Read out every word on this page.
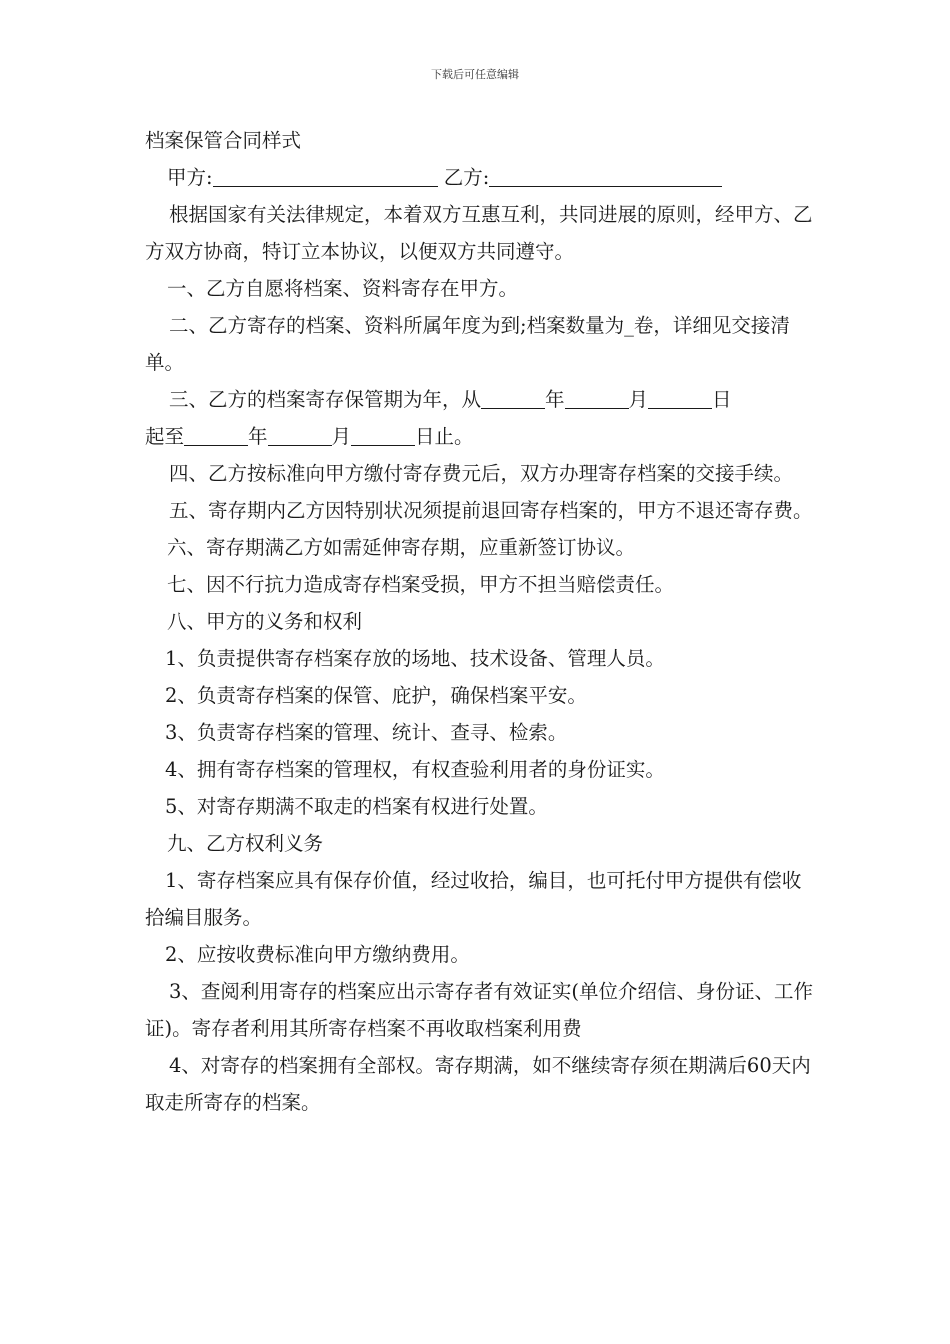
下载后可任意编辑

档案保管合同样式

甲方:	乙方:

根据国家有关法律规定，本着双方互惠互利，共同进展的原则，经甲方、乙方双方协商，特订立本协议，以便双方共同遵守。

一、乙方自愿将档案、资料寄存在甲方。

二、乙方寄存的档案、资料所属年度为到;档案数量为_卷，详细见交接清单。

三、乙方的档案寄存保管期为年，从	年	月	日
起至	年	月	日止。

四、乙方按标准向甲方缴付寄存费元后，双方办理寄存档案的交接手续。

五、寄存期内乙方因特别状况须提前退回寄存档案的，甲方不退还寄存费。

六、寄存期满乙方如需延伸寄存期，应重新签订协议。

七、因不行抗力造成寄存档案受损，甲方不担当赔偿责任。

八、甲方的义务和权利

1、负责提供寄存档案存放的场地、技术设备、管理人员。

2、负责寄存档案的保管、庇护，确保档案平安。

3、负责寄存档案的管理、统计、查寻、检索。

4、拥有寄存档案的管理权，有权查验利用者的身份证实。

5、对寄存期满不取走的档案有权进行处置。

九、乙方权利义务

1、寄存档案应具有保存价值，经过收拾，编目，也可托付甲方提供有偿收拾编目服务。

2、应按收费标准向甲方缴纳费用。

3、查阅利用寄存的档案应出示寄存者有效证实(单位介绍信、身份证、工作证)。寄存者利用其所寄存档案不再收取档案利用费

4、对寄存的档案拥有全部权。寄存期满，如不继续寄存须在期满后60天内取走所寄存的档案。
